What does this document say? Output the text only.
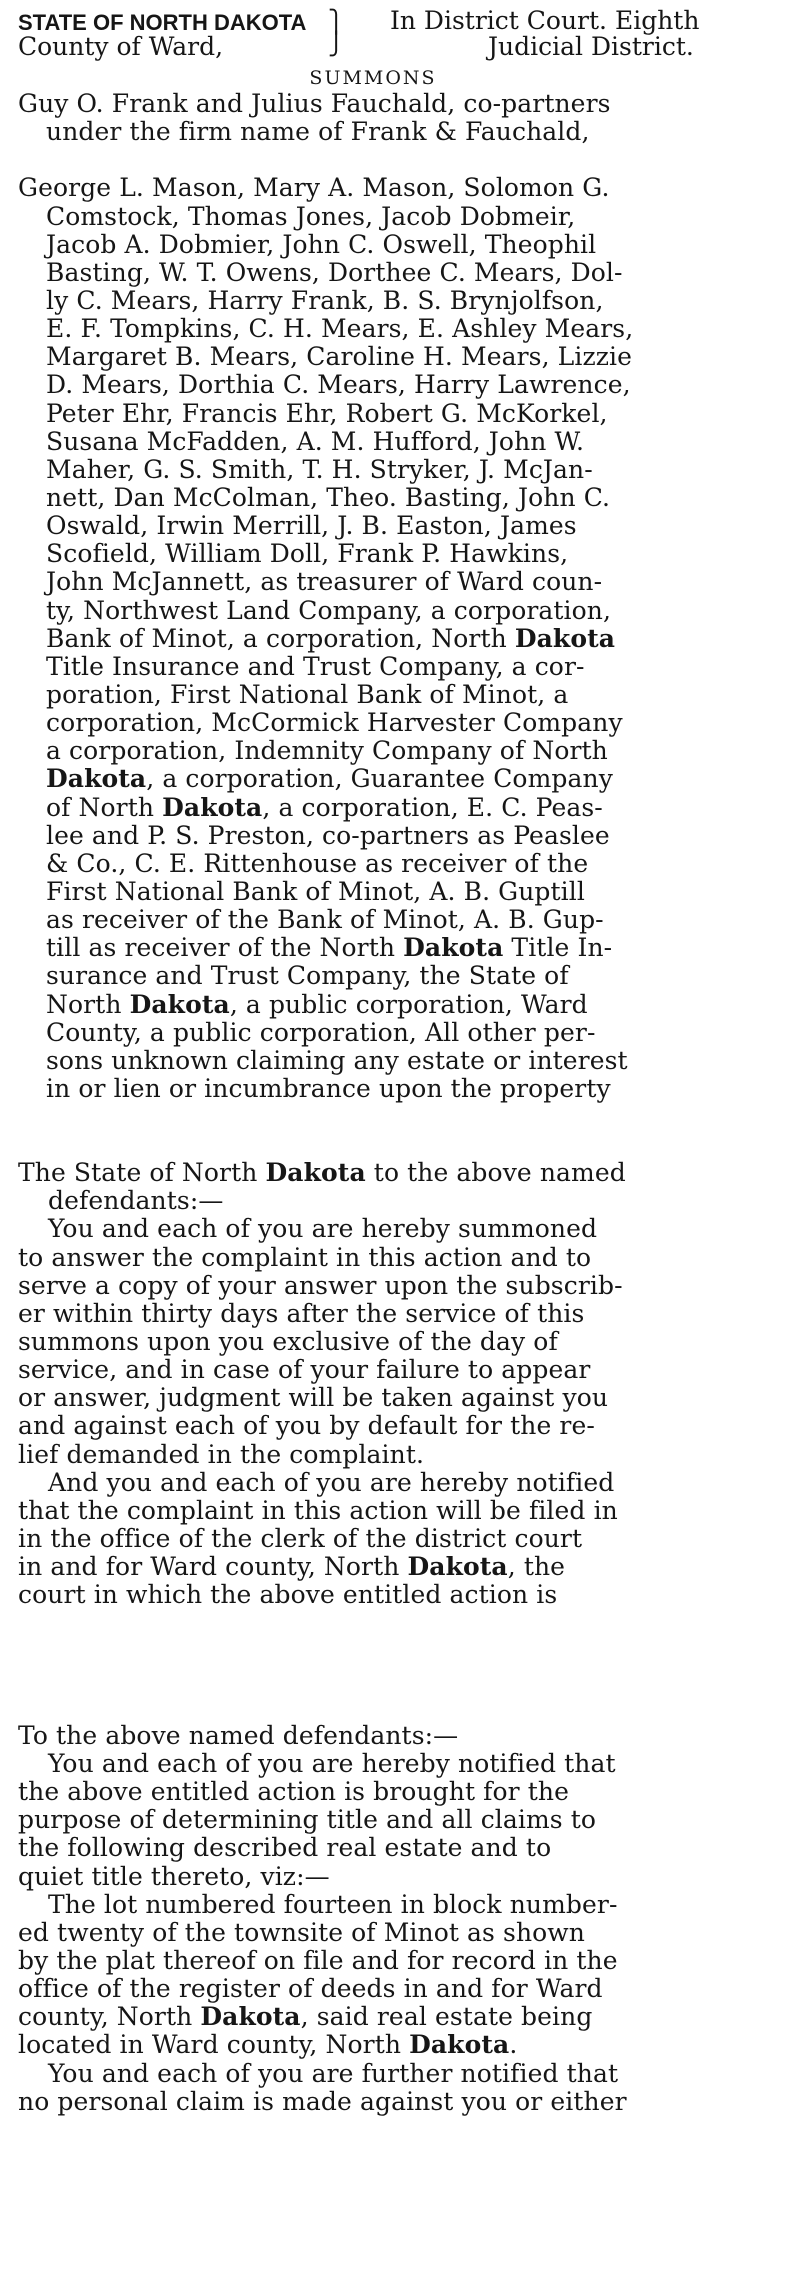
STATE OF NORTH DAKOTA
County of Ward,
⎫
⎭
In District Court. Eighth
Judicial District.
SUMMONS
Guy O. Frank and Julius Fauchald, co-partners
under the firm name of Frank & Fauchald,

George L. Mason, Mary A. Mason, Solomon G.
Comstock, Thomas Jones, Jacob Dobmeir,
Jacob A. Dobmier, John C. Oswell, Theophil
Basting, W. T. Owens, Dorthee C. Mears, Dol-
ly C. Mears, Harry Frank, B. S. Brynjolfson,
E. F. Tompkins, C. H. Mears, E. Ashley Mears,
Margaret B. Mears, Caroline H. Mears, Lizzie
D. Mears, Dorthia C. Mears, Harry Lawrence,
Peter Ehr, Francis Ehr, Robert G. McKorkel,
Susana McFadden, A. M. Hufford, John W.
Maher, G. S. Smith, T. H. Stryker, J. McJan-
nett, Dan McColman, Theo. Basting, John C.
Oswald, Irwin Merrill, J. B. Easton, James
Scofield, William Doll, Frank P. Hawkins,
John McJannett, as treasurer of Ward coun-
ty, Northwest Land Company, a corporation,
Bank of Minot, a corporation, North Dakota
Title Insurance and Trust Company, a cor-
poration, First National Bank of Minot, a
corporation, McCormick Harvester Company
a corporation, Indemnity Company of North
Dakota, a corporation, Guarantee Company
of North Dakota, a corporation, E. C. Peas-
lee and P. S. Preston, co-partners as Peaslee
& Co., C. E. Rittenhouse as receiver of the
First National Bank of Minot, A. B. Guptill
as receiver of the Bank of Minot, A. B. Gup-
till as receiver of the North Dakota Title In-
surance and Trust Company, the State of
North Dakota, a public corporation, Ward
County, a public corporation, All other per-
sons unknown claiming any estate or interest
in or lien or incumbrance upon the property

The State of North Dakota to the above named
defendants:—
You and each of you are hereby summoned
to answer the complaint in this action and to
serve a copy of your answer upon the subscrib-
er within thirty days after the service of this
summons upon you exclusive of the day of
service, and in case of your failure to appear
or answer, judgment will be taken against you
and against each of you by default for the re-
lief demanded in the complaint.
And you and each of you are hereby notified
that the complaint in this action will be filed in
in the office of the clerk of the district court
in and for Ward county, North Dakota, the
court in which the above entitled action is

To the above named defendants:—
You and each of you are hereby notified that
the above entitled action is brought for the
purpose of determining title and all claims to
the following described real estate and to
quiet title thereto, viz:—
The lot numbered fourteen in block number-
ed twenty of the townsite of Minot as shown
by the plat thereof on file and for record in the
office of the register of deeds in and for Ward
county, North Dakota, said real estate being
located in Ward county, North Dakota.
You and each of you are further notified that
no personal claim is made against you or either
